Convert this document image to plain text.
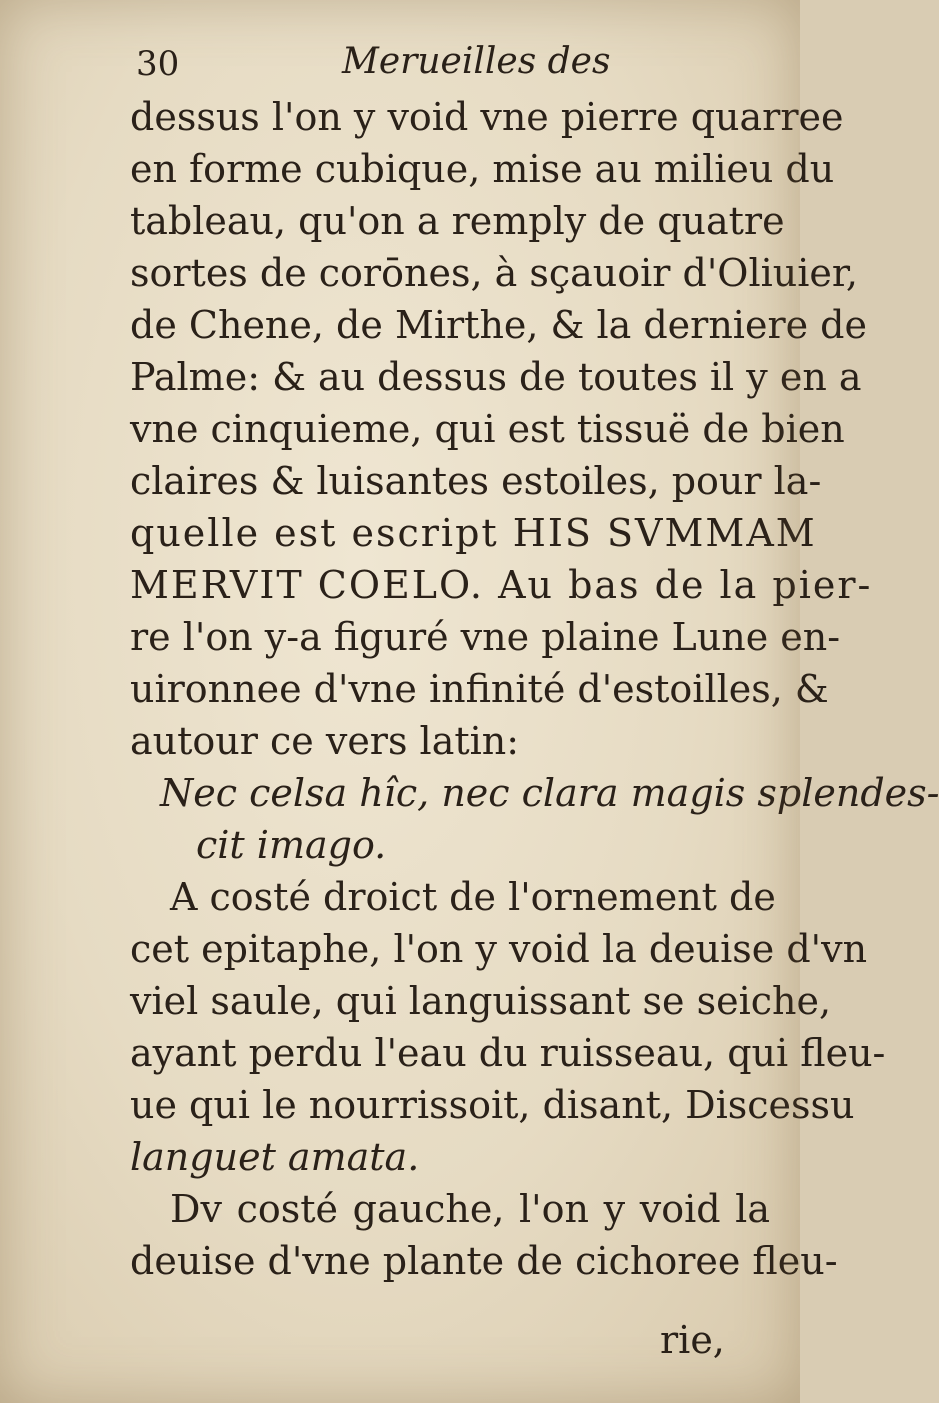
30	Merueilles des
dessus l'on y void vne pierre quarree
en forme cubique, mise au milieu du
tableau, qu'on a remply de quatre
sortes de corōnes, à sçauoir d'Oliuier,
de Chene, de Mirthe, & la derniere de
Palme: & au dessus de toutes il y en a
vne cinquieme, qui est tissuë de bien
claires & luisantes estoiles, pour la-
quelle est escript HIS SVMMAM
MERVIT COELO. Au bas de la pier-
re l'on y-a figuré vne plaine Lune en-
uironnee d'vne infinité d'estoilles, &
autour ce vers latin:
Nec celsa hîc, nec clara magis splendes-
cit imago.
A costé droict de l'ornement de
cet epitaphe, l'on y void la deuise d'vn
viel saule, qui languissant se seiche,
ayant perdu l'eau du ruisseau, qui fleu-
ue qui le nourrissoit, disant, Discessu
languet amata.
Dv costé gauche, l'on y void la
deuise d'vne plante de cichoree fleu-
rie,
